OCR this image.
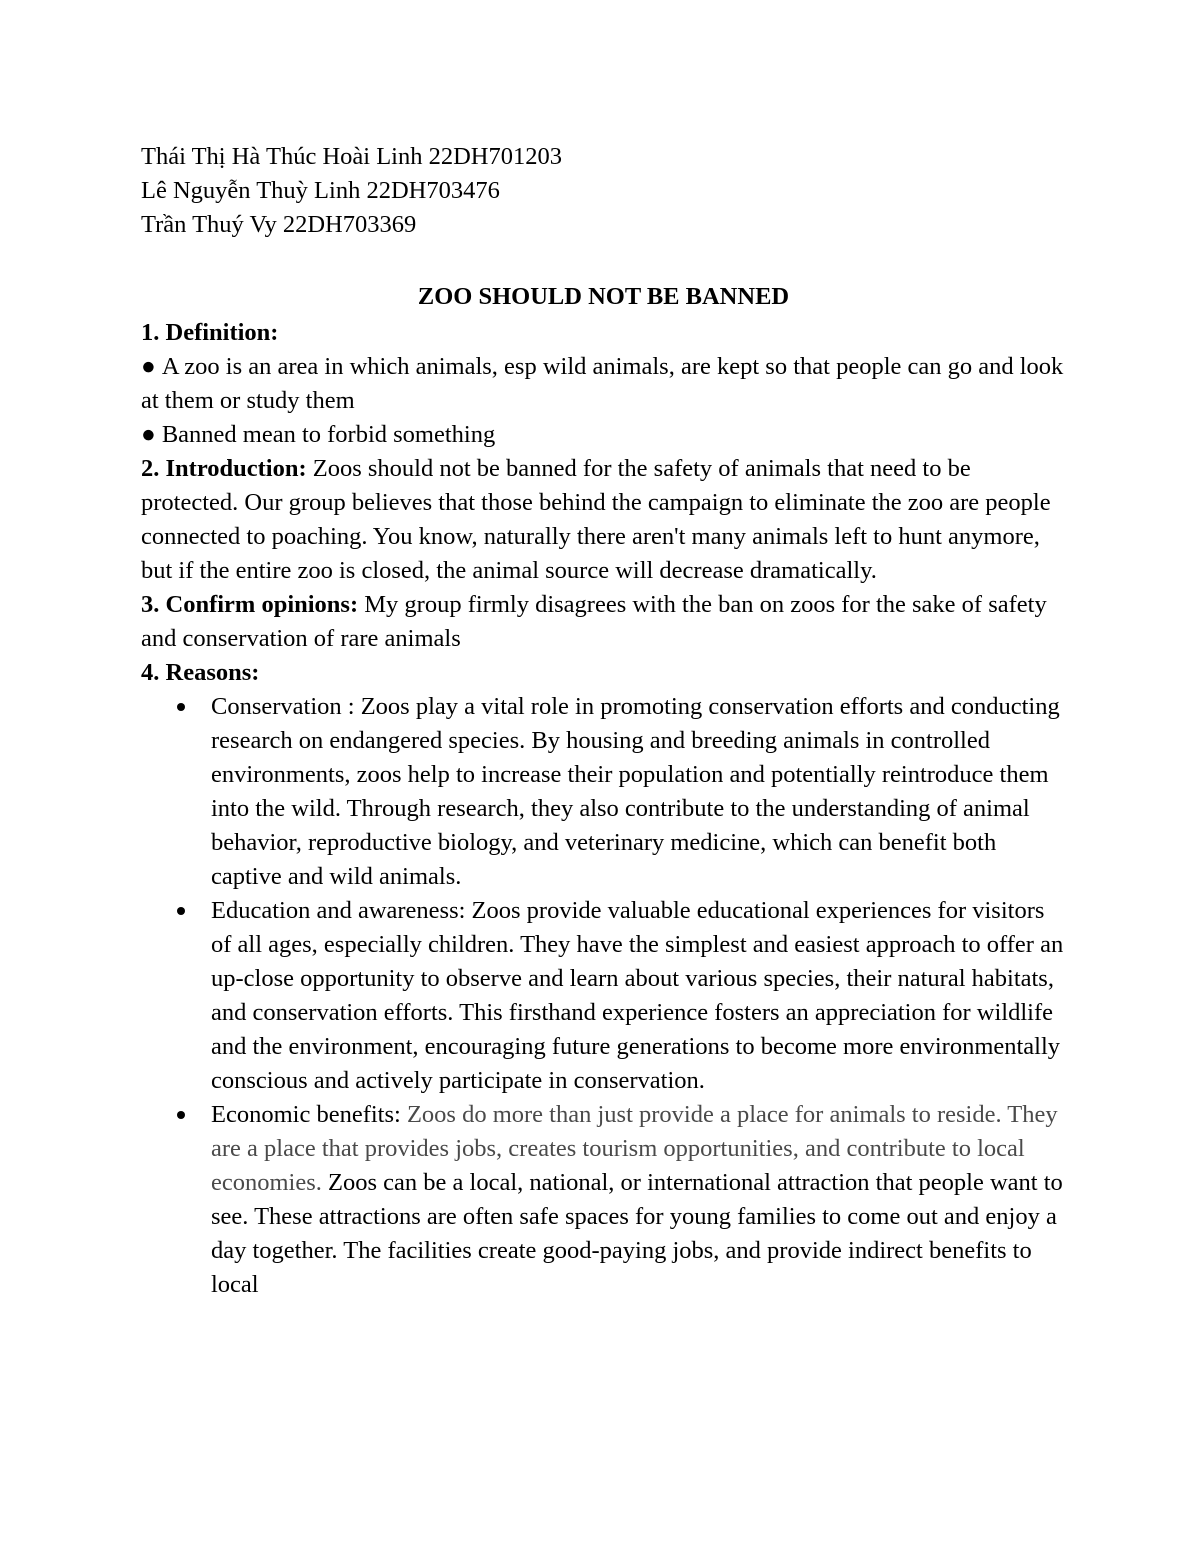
Thái Thị Hà Thúc Hoài Linh 22DH701203
Lê Nguyễn Thuỳ Linh 22DH703476
Trần Thuý Vy 22DH703369
ZOO SHOULD NOT BE BANNED
1. Definition:
● A zoo is an area in which animals, esp wild animals, are kept so that people can go and look at them or study them
● Banned mean to forbid something
2. Introduction: Zoos should not be banned for the safety of animals that need to be protected. Our group believes that those behind the campaign to eliminate the zoo are people connected to poaching. You know, naturally there aren't many animals left to hunt anymore, but if the entire zoo is closed, the animal source will decrease dramatically.
3. Confirm opinions: My group firmly disagrees with the ban on zoos for the sake of safety and conservation of rare animals
4. Reasons:
Conservation : Zoos play a vital role in promoting conservation efforts and conducting research on endangered species. By housing and breeding animals in controlled environments, zoos help to increase their population and potentially reintroduce them into the wild. Through research, they also contribute to the understanding of animal behavior, reproductive biology, and veterinary medicine, which can benefit both captive and wild animals.
Education and awareness: Zoos provide valuable educational experiences for visitors of all ages, especially children. They have the simplest and easiest approach to offer an up-close opportunity to observe and learn about various species, their natural habitats, and conservation efforts. This firsthand experience fosters an appreciation for wildlife and the environment, encouraging future generations to become more environmentally conscious and actively participate in conservation.
Economic benefits: Zoos do more than just provide a place for animals to reside. They are a place that provides jobs, creates tourism opportunities, and contribute to local economies. Zoos can be a local, national, or international attraction that people want to see. These attractions are often safe spaces for young families to come out and enjoy a day together. The facilities create good-paying jobs, and provide indirect benefits to local
